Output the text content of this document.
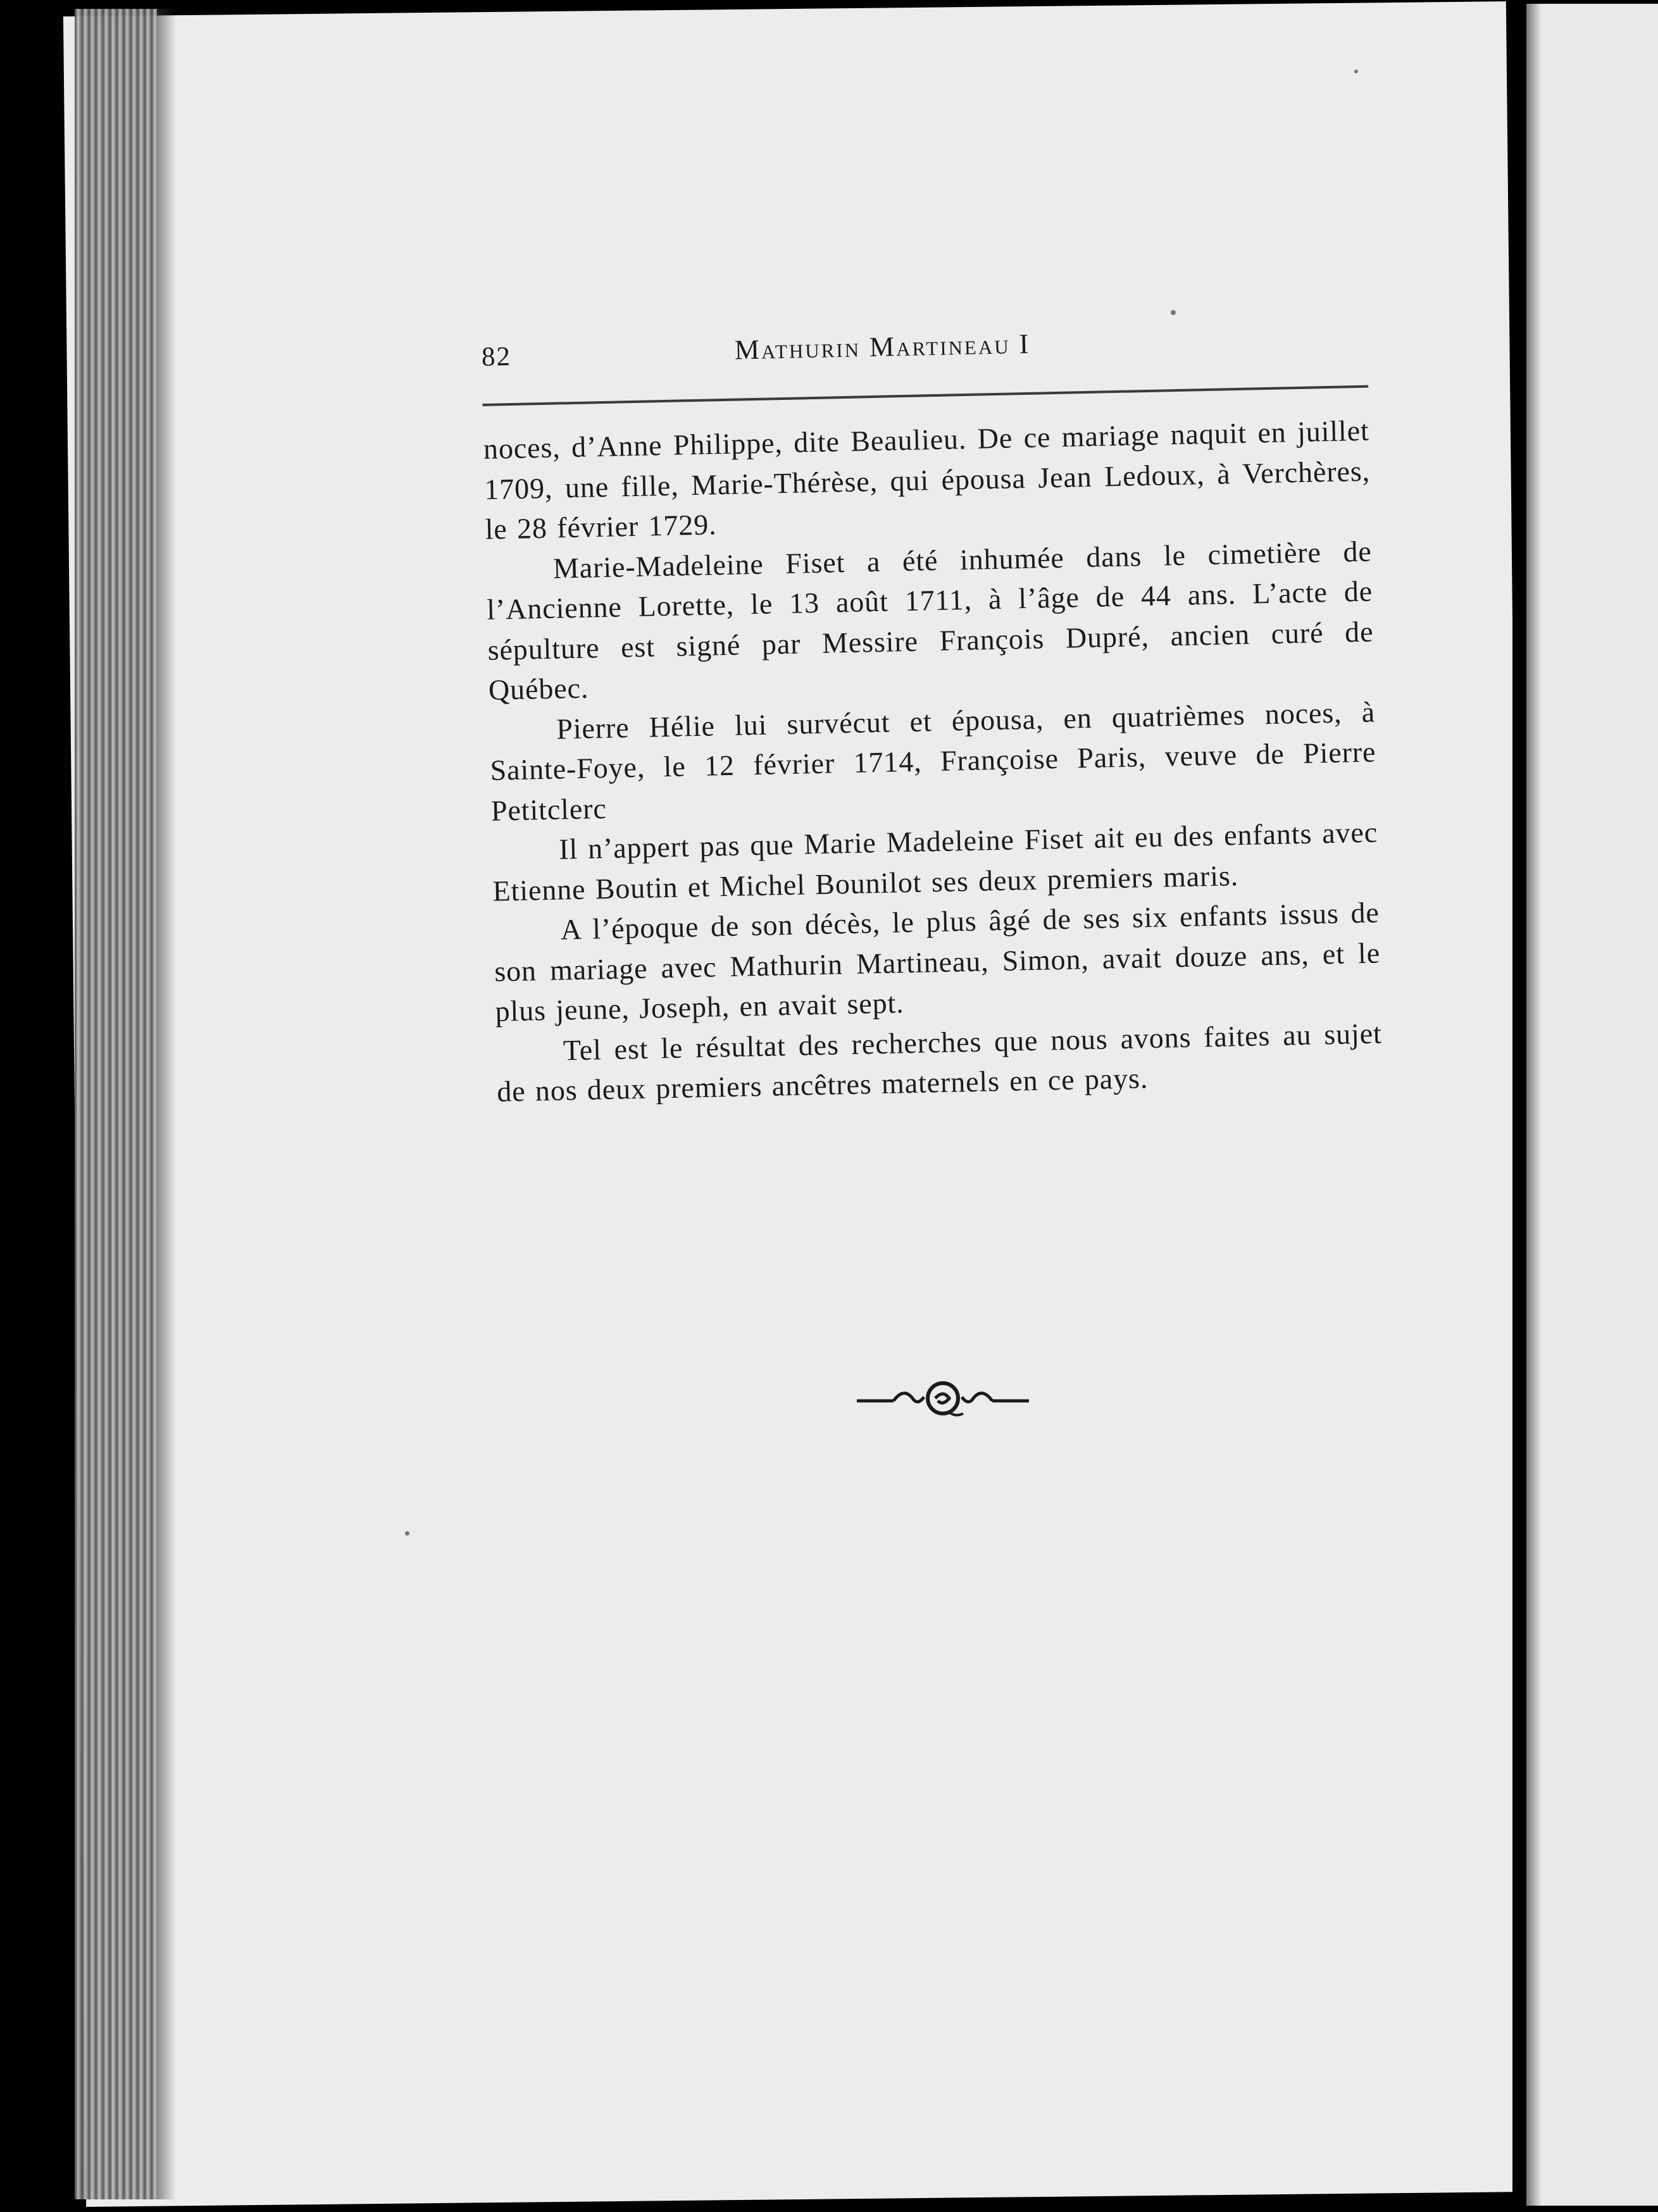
82	Mathurin Martineau I

noces, d’Anne Philippe, dite Beaulieu. De ce mariage naquit en juillet 1709, une fille, Marie-Thérèse, qui épousa Jean Ledoux, à Verchères, le 28 février 1729.

Marie-Madeleine Fiset a été inhumée dans le cimetière de l’Ancienne Lorette, le 13 août 1711, à l’âge de 44 ans. L’acte de sépulture est signé par Messire François Dupré, ancien curé de Québec.

Pierre Hélie lui survécut et épousa, en quatrièmes noces, à Sainte-Foye, le 12 février 1714, Françoise Paris, veuve de Pierre Petitclerc

Il n’appert pas que Marie Madeleine Fiset ait eu des enfants avec Etienne Boutin et Michel Bounilot ses deux premiers maris.

A l’époque de son décès, le plus âgé de ses six enfants issus de son mariage avec Mathurin Martineau, Simon, avait douze ans, et le plus jeune, Joseph, en avait sept.

Tel est le résultat des recherches que nous avons faites au sujet de nos deux premiers ancêtres maternels en ce pays.
